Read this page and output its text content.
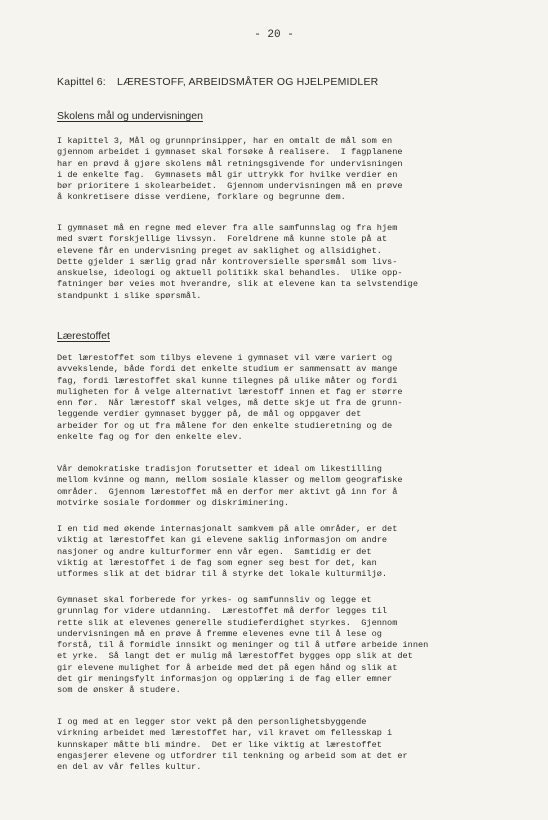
- 20 -
Kapittel 6: LÆRESTOFF, ARBEIDSMÅTER OG HJELPEMIDLER
Skolens mål og undervisningen

I kapittel 3, Mål og grunnprinsipper, har en omtalt de mål som en
gjennom arbeidet i gymnaset skal forsøke å realisere.  I fagplanene
har en prøvd å gjøre skolens mål retningsgivende for undervisningen
i de enkelte fag.  Gymnasets mål gir uttrykk for hvilke verdier en
bør prioritere i skolearbeidet.  Gjennom undervisningen må en prøve
å konkretisere disse verdiene, forklare og begrunne dem.

I gymnaset må en regne med elever fra alle samfunnslag og fra hjem
med svært forskjellige livssyn.  Foreldrene må kunne stole på at
elevene får en undervisning preget av saklighet og allsidighet.
Dette gjelder i særlig grad når kontroversielle spørsmål som livs-
anskuelse, ideologi og aktuell politikk skal behandles.  Ulike opp-
fatninger bør veies mot hverandre, slik at elevene kan ta selvstendige
standpunkt i slike spørsmål.

Lærestoffet

Det lærestoffet som tilbys elevene i gymnaset vil være variert og
avvekslende, både fordi det enkelte studium er sammensatt av mange
fag, fordi lærestoffet skal kunne tilegnes på ulike måter og fordi
muligheten for å velge alternativt lærestoff innen et fag er større
enn før.  Når lærestoff skal velges, må dette skje ut fra de grunn-
leggende verdier gymnaset bygger på, de mål og oppgaver det
arbeider for og ut fra målene for den enkelte studieretning og de
enkelte fag og for den enkelte elev.

Vår demokratiske tradisjon forutsetter et ideal om likestilling
mellom kvinne og mann, mellom sosiale klasser og mellom geografiske
områder.  Gjennom lærestoffet må en derfor mer aktivt gå inn for å
motvirke sosiale fordommer og diskriminering.

I en tid med økende internasjonalt samkvem på alle områder, er det
viktig at lærestoffet kan gi elevene saklig informasjon om andre
nasjoner og andre kulturformer enn vår egen.  Samtidig er det
viktig at lærestoffet i de fag som egner seg best for det, kan
utformes slik at det bidrar til å styrke det lokale kulturmiljø.

Gymnaset skal forberede for yrkes- og samfunnsliv og legge et
grunnlag for videre utdanning.  Lærestoffet må derfor legges til
rette slik at elevenes generelle studieferdighet styrkes.  Gjennom
undervisningen må en prøve å fremme elevenes evne til å lese og
forstå, til å formidle innsikt og meninger og til å utføre arbeide innen
et yrke.  Så langt det er mulig må lærestoffet bygges opp slik at det
gir elevene mulighet for å arbeide med det på egen hånd og slik at
det gir meningsfylt informasjon og opplæring i de fag eller emner
som de ønsker å studere.

I og med at en legger stor vekt på den personlighetsbyggende
virkning arbeidet med lærestoffet har, vil kravet om fellesskap i
kunnskaper måtte bli mindre.  Det er like viktig at lærestoffet
engasjerer elevene og utfordrer til tenkning og arbeid som at det er
en del av vår felles kultur.
